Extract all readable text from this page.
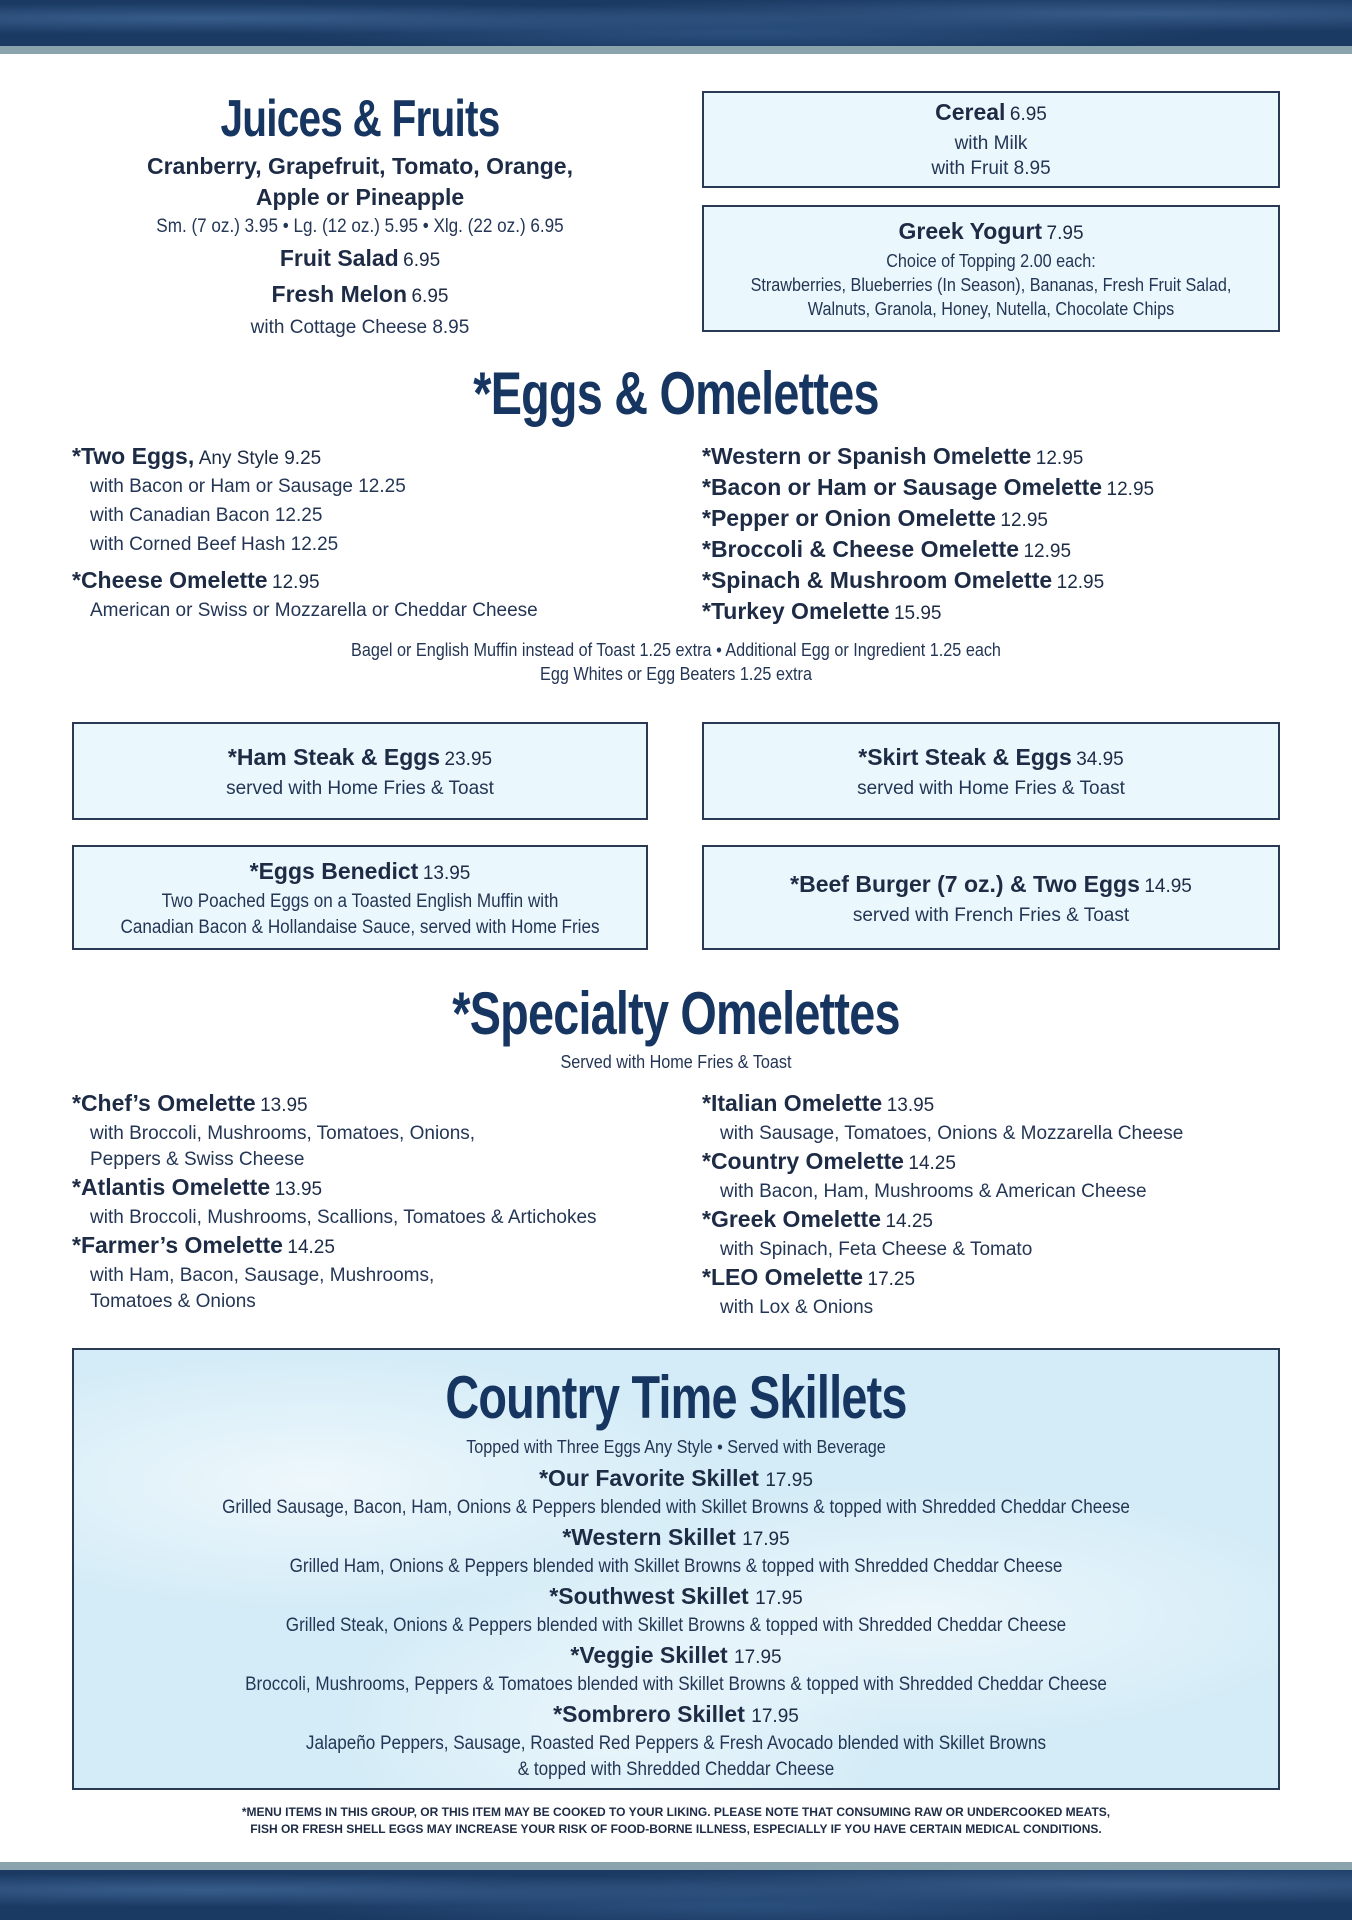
Juices & Fruits
Cranberry, Grapefruit, Tomato, Orange,
Apple or Pineapple
Sm. (7 oz.) 3.95 • Lg. (12 oz.) 5.95 • Xlg. (22 oz.) 6.95
Fruit Salad 6.95
Fresh Melon 6.95
with Cottage Cheese 8.95
Cereal 6.95
with Milk
with Fruit 8.95
Greek Yogurt 7.95
Choice of Topping 2.00 each:
Strawberries, Blueberries (In Season), Bananas, Fresh Fruit Salad,
Walnuts, Granola, Honey, Nutella, Chocolate Chips
*Eggs & Omelettes
*Two Eggs, Any Style 9.25
with Bacon or Ham or Sausage 12.25
with Canadian Bacon 12.25
with Corned Beef Hash 12.25
*Cheese Omelette 12.95
American or Swiss or Mozzarella or Cheddar Cheese
*Western or Spanish Omelette 12.95
*Bacon or Ham or Sausage Omelette 12.95
*Pepper or Onion Omelette 12.95
*Broccoli & Cheese Omelette 12.95
*Spinach & Mushroom Omelette 12.95
*Turkey Omelette 15.95
Bagel or English Muffin instead of Toast 1.25 extra • Additional Egg or Ingredient 1.25 each
Egg Whites or Egg Beaters 1.25 extra
*Ham Steak & Eggs 23.95
served with Home Fries & Toast
*Skirt Steak & Eggs 34.95
served with Home Fries & Toast
*Eggs Benedict 13.95
Two Poached Eggs on a Toasted English Muffin with
Canadian Bacon & Hollandaise Sauce, served with Home Fries
*Beef Burger (7 oz.) & Two Eggs 14.95
served with French Fries & Toast
*Specialty Omelettes
Served with Home Fries & Toast
*Chef’s Omelette 13.95
with Broccoli, Mushrooms, Tomatoes, Onions,
Peppers & Swiss Cheese
*Atlantis Omelette 13.95
with Broccoli, Mushrooms, Scallions, Tomatoes & Artichokes
*Farmer’s Omelette 14.25
with Ham, Bacon, Sausage, Mushrooms,
Tomatoes & Onions
*Italian Omelette 13.95
with Sausage, Tomatoes, Onions & Mozzarella Cheese
*Country Omelette 14.25
with Bacon, Ham, Mushrooms & American Cheese
*Greek Omelette 14.25
with Spinach, Feta Cheese & Tomato
*LEO Omelette 17.25
with Lox & Onions
Country Time Skillets
Topped with Three Eggs Any Style • Served with Beverage
*Our Favorite Skillet 17.95
Grilled Sausage, Bacon, Ham, Onions & Peppers blended with Skillet Browns & topped with Shredded Cheddar Cheese
*Western Skillet 17.95
Grilled Ham, Onions & Peppers blended with Skillet Browns & topped with Shredded Cheddar Cheese
*Southwest Skillet 17.95
Grilled Steak, Onions & Peppers blended with Skillet Browns & topped with Shredded Cheddar Cheese
*Veggie Skillet 17.95
Broccoli, Mushrooms, Peppers & Tomatoes blended with Skillet Browns & topped with Shredded Cheddar Cheese
*Sombrero Skillet 17.95
Jalapeño Peppers, Sausage, Roasted Red Peppers & Fresh Avocado blended with Skillet Browns
& topped with Shredded Cheddar Cheese
*MENU ITEMS IN THIS GROUP, OR THIS ITEM MAY BE COOKED TO YOUR LIKING. PLEASE NOTE THAT CONSUMING RAW OR UNDERCOOKED MEATS,
FISH OR FRESH SHELL EGGS MAY INCREASE YOUR RISK OF FOOD-BORNE ILLNESS, ESPECIALLY IF YOU HAVE CERTAIN MEDICAL CONDITIONS.
